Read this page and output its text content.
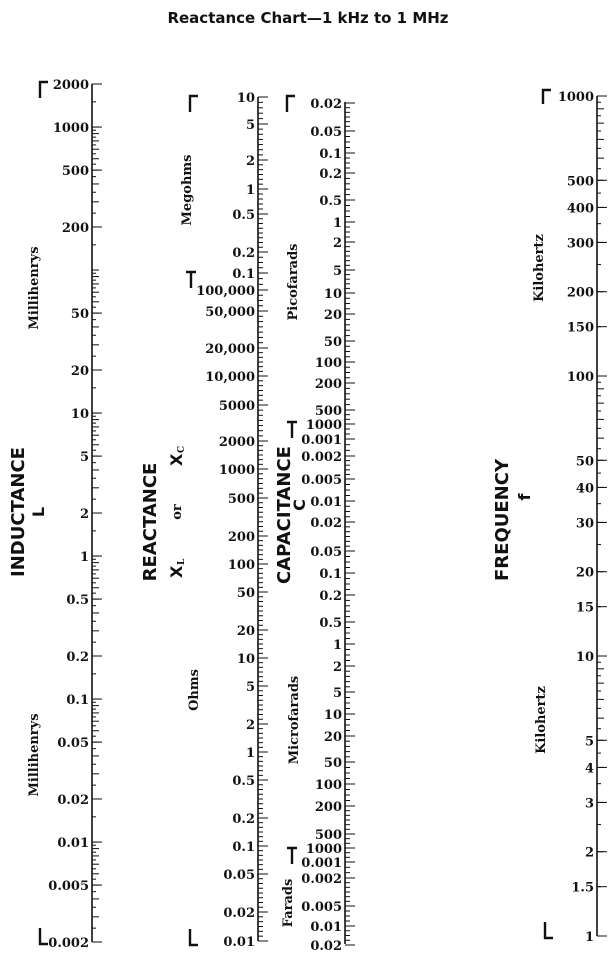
Reactance Chart—1 kHz to 1 MHz
2000
1000
500
200
50
20
10
5
2
1
0.5
0.2
0.1
0.05
0.02
0.01
0.005
0.002
1000
500
400
300
200
150
100
50
40
30
20
15
10
5
4
3
2
1.5
1
10
5
2
1
0.5
0.2
0.1
100,000
50,000
20,000
10,000
5000
2000
1000
500
200
100
50
20
10
5
2
1
0.5
0.2
0.1
0.05
0.02
0.01
0.02
0.05
0.1
0.2
0.5
1
2
5
10
20
50
100
200
500
1000
0.001
0.002
0.005
0.01
0.02
0.05
0.1
0.2
0.5
1
2
5
10
20
50
100
200
500
1000
0.001
0.002
0.005
0.01
0.02
INDUCTANCE L
Millihenrys
Millihenrys
REACTANCE X
L
or
X
C
Megohms
Ohms
CAPACITANCE
C
Picofarads
Microfarads
Farads
FREQUENCY f
Kilohertz
Kilohertz
